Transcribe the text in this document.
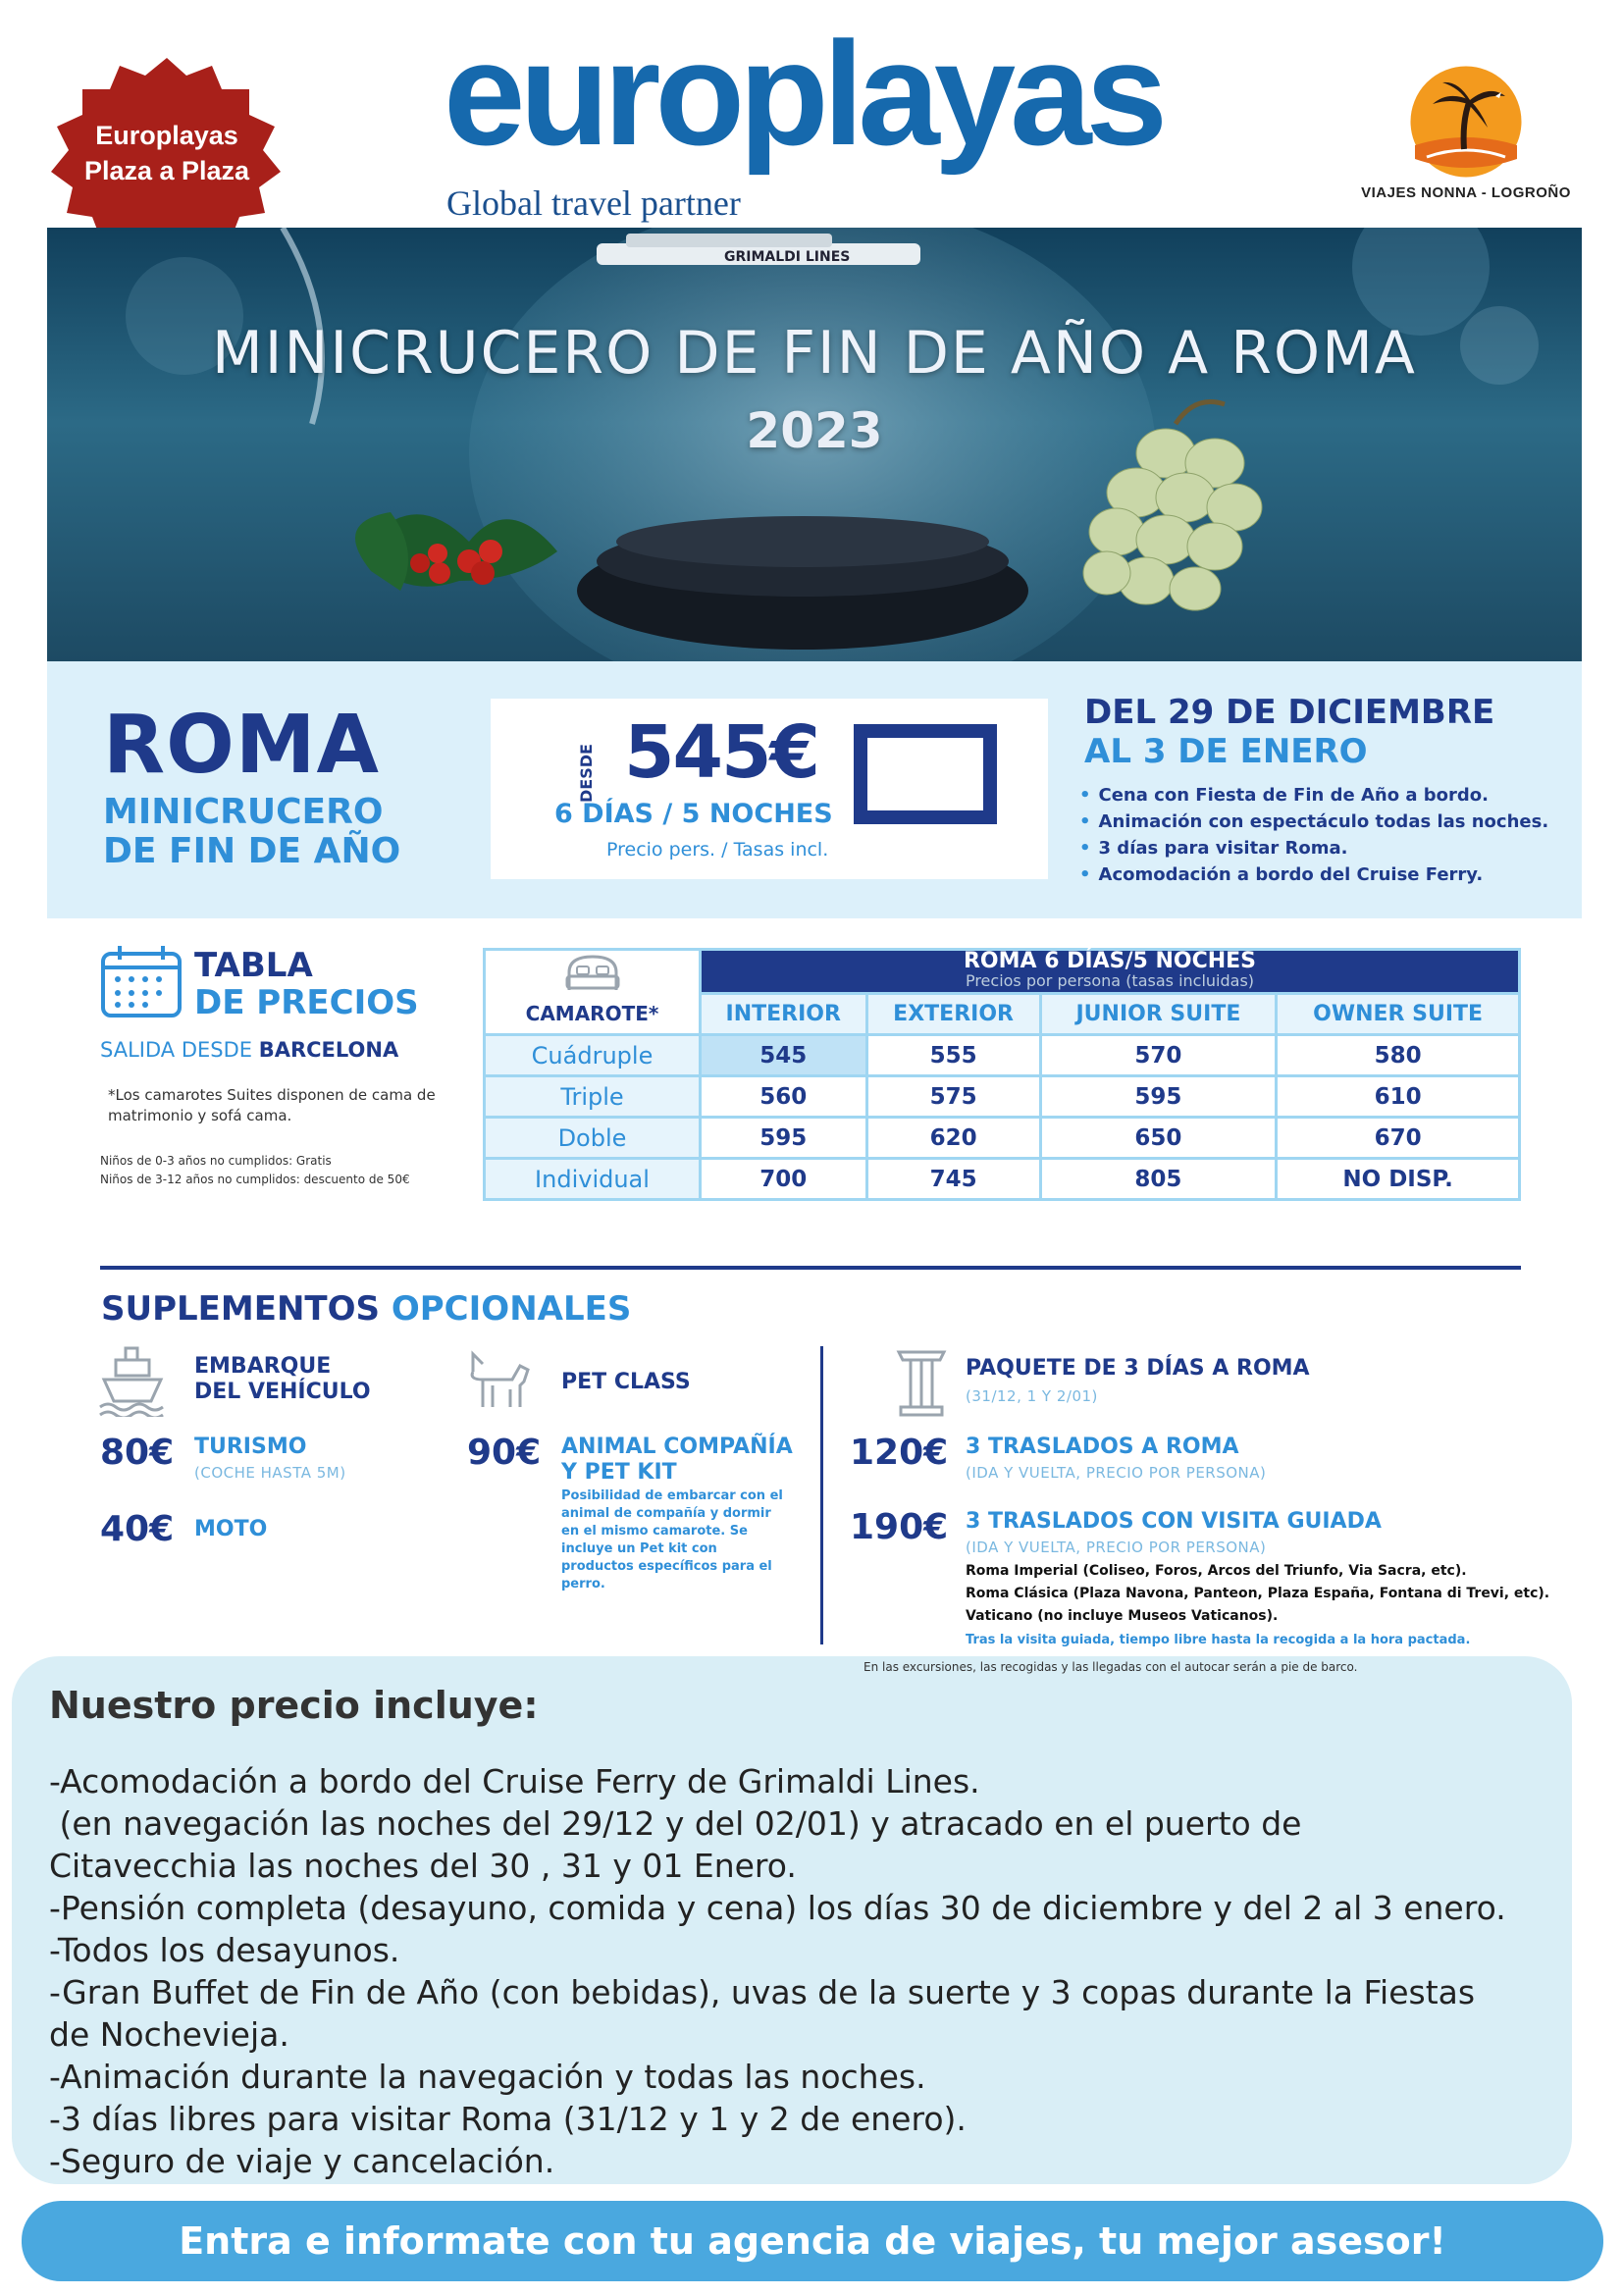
Europlayas
Plaza a Plaza europlayas
Global travel partner	VIAJES NONNA - LOGROÑO
GRIMALDI LINES
MINICRUCERO DE FIN DE AÑO A ROMA
2023
ROMA
MINICRUCERO
DE FIN DE AÑO
DESDE 545€
6 DÍAS / 5 NOCHES
Precio pers. / Tasas incl.
DEL 29 DE DICIEMBRE
AL 3 DE ENERO
• Cena con Fiesta de Fin de Año a bordo.
• Animación con espectáculo todas las noches.
• 3 días para visitar Roma.
• Acomodación a bordo del Cruise Ferry.
TABLA
DE PRECIOS
SALIDA DESDE BARCELONA
*Los camarotes Suites disponen de cama de matrimonio y sofá cama.
Niños de 0-3 años no cumplidos: Gratis
Niños de 3-12 años no cumplidos: descuento de 50€
CAMAROTE*	ROMA 6 DÍAS/5 NOCHES
Precios por persona (tasas incluidas)			

	INTERIOR	EXTERIOR	JUNIOR SUITE	OWNER SUITE
Cuádruple	545	555	570	580
Triple	560	575	595	610
Doble	595	620	650	670
Individual	700	745	805	NO DISP.
SUPLEMENTOS OPCIONALES
EMBARQUE
DEL VEHÍCULO
80€ TURISMO
(COCHE HASTA 5M)
40€ MOTO
PET CLASS
90€ ANIMAL COMPAÑÍA
Y PET KIT
Posibilidad de embarcar con el animal de compañía y dormir en el mismo camarote. Se incluye un Pet kit con productos específicos para el perro.
PAQUETE DE 3 DÍAS A ROMA
(31/12, 1 Y 2/01)
120€ 3 TRASLADOS A ROMA
(IDA Y VUELTA, PRECIO POR PERSONA)
190€ 3 TRASLADOS CON VISITA GUIADA
(IDA Y VUELTA, PRECIO POR PERSONA)
Roma Imperial (Coliseo, Foros, Arcos del Triunfo, Via Sacra, etc).
Roma Clásica (Plaza Navona, Panteon, Plaza España, Fontana di Trevi, etc).
Vaticano (no incluye Museos Vaticanos).
Tras la visita guiada, tiempo libre hasta la recogida a la hora pactada.
En las excursiones, las recogidas y las llegadas con el autocar serán a pie de barco.
Nuestro precio incluye:
-Acomodación a bordo del Cruise Ferry de Grimaldi Lines.
(en navegación las noches del 29/12 y del 02/01) y atracado en el puerto de
Citavecchia las noches del 30 , 31 y 01 Enero.
-Pensión completa (desayuno, comida y cena) los días 30 de diciembre y del 2 al 3 enero.
-Todos los desayunos.
-Gran Buffet de Fin de Año (con bebidas), uvas de la suerte y 3 copas durante la Fiestas
de Nochevieja.
-Animación durante la navegación y todas las noches.
-3 días libres para visitar Roma (31/12 y 1 y 2 de enero).
-Seguro de viaje y cancelación.
Entra e informate con tu agencia de viajes, tu mejor asesor!
